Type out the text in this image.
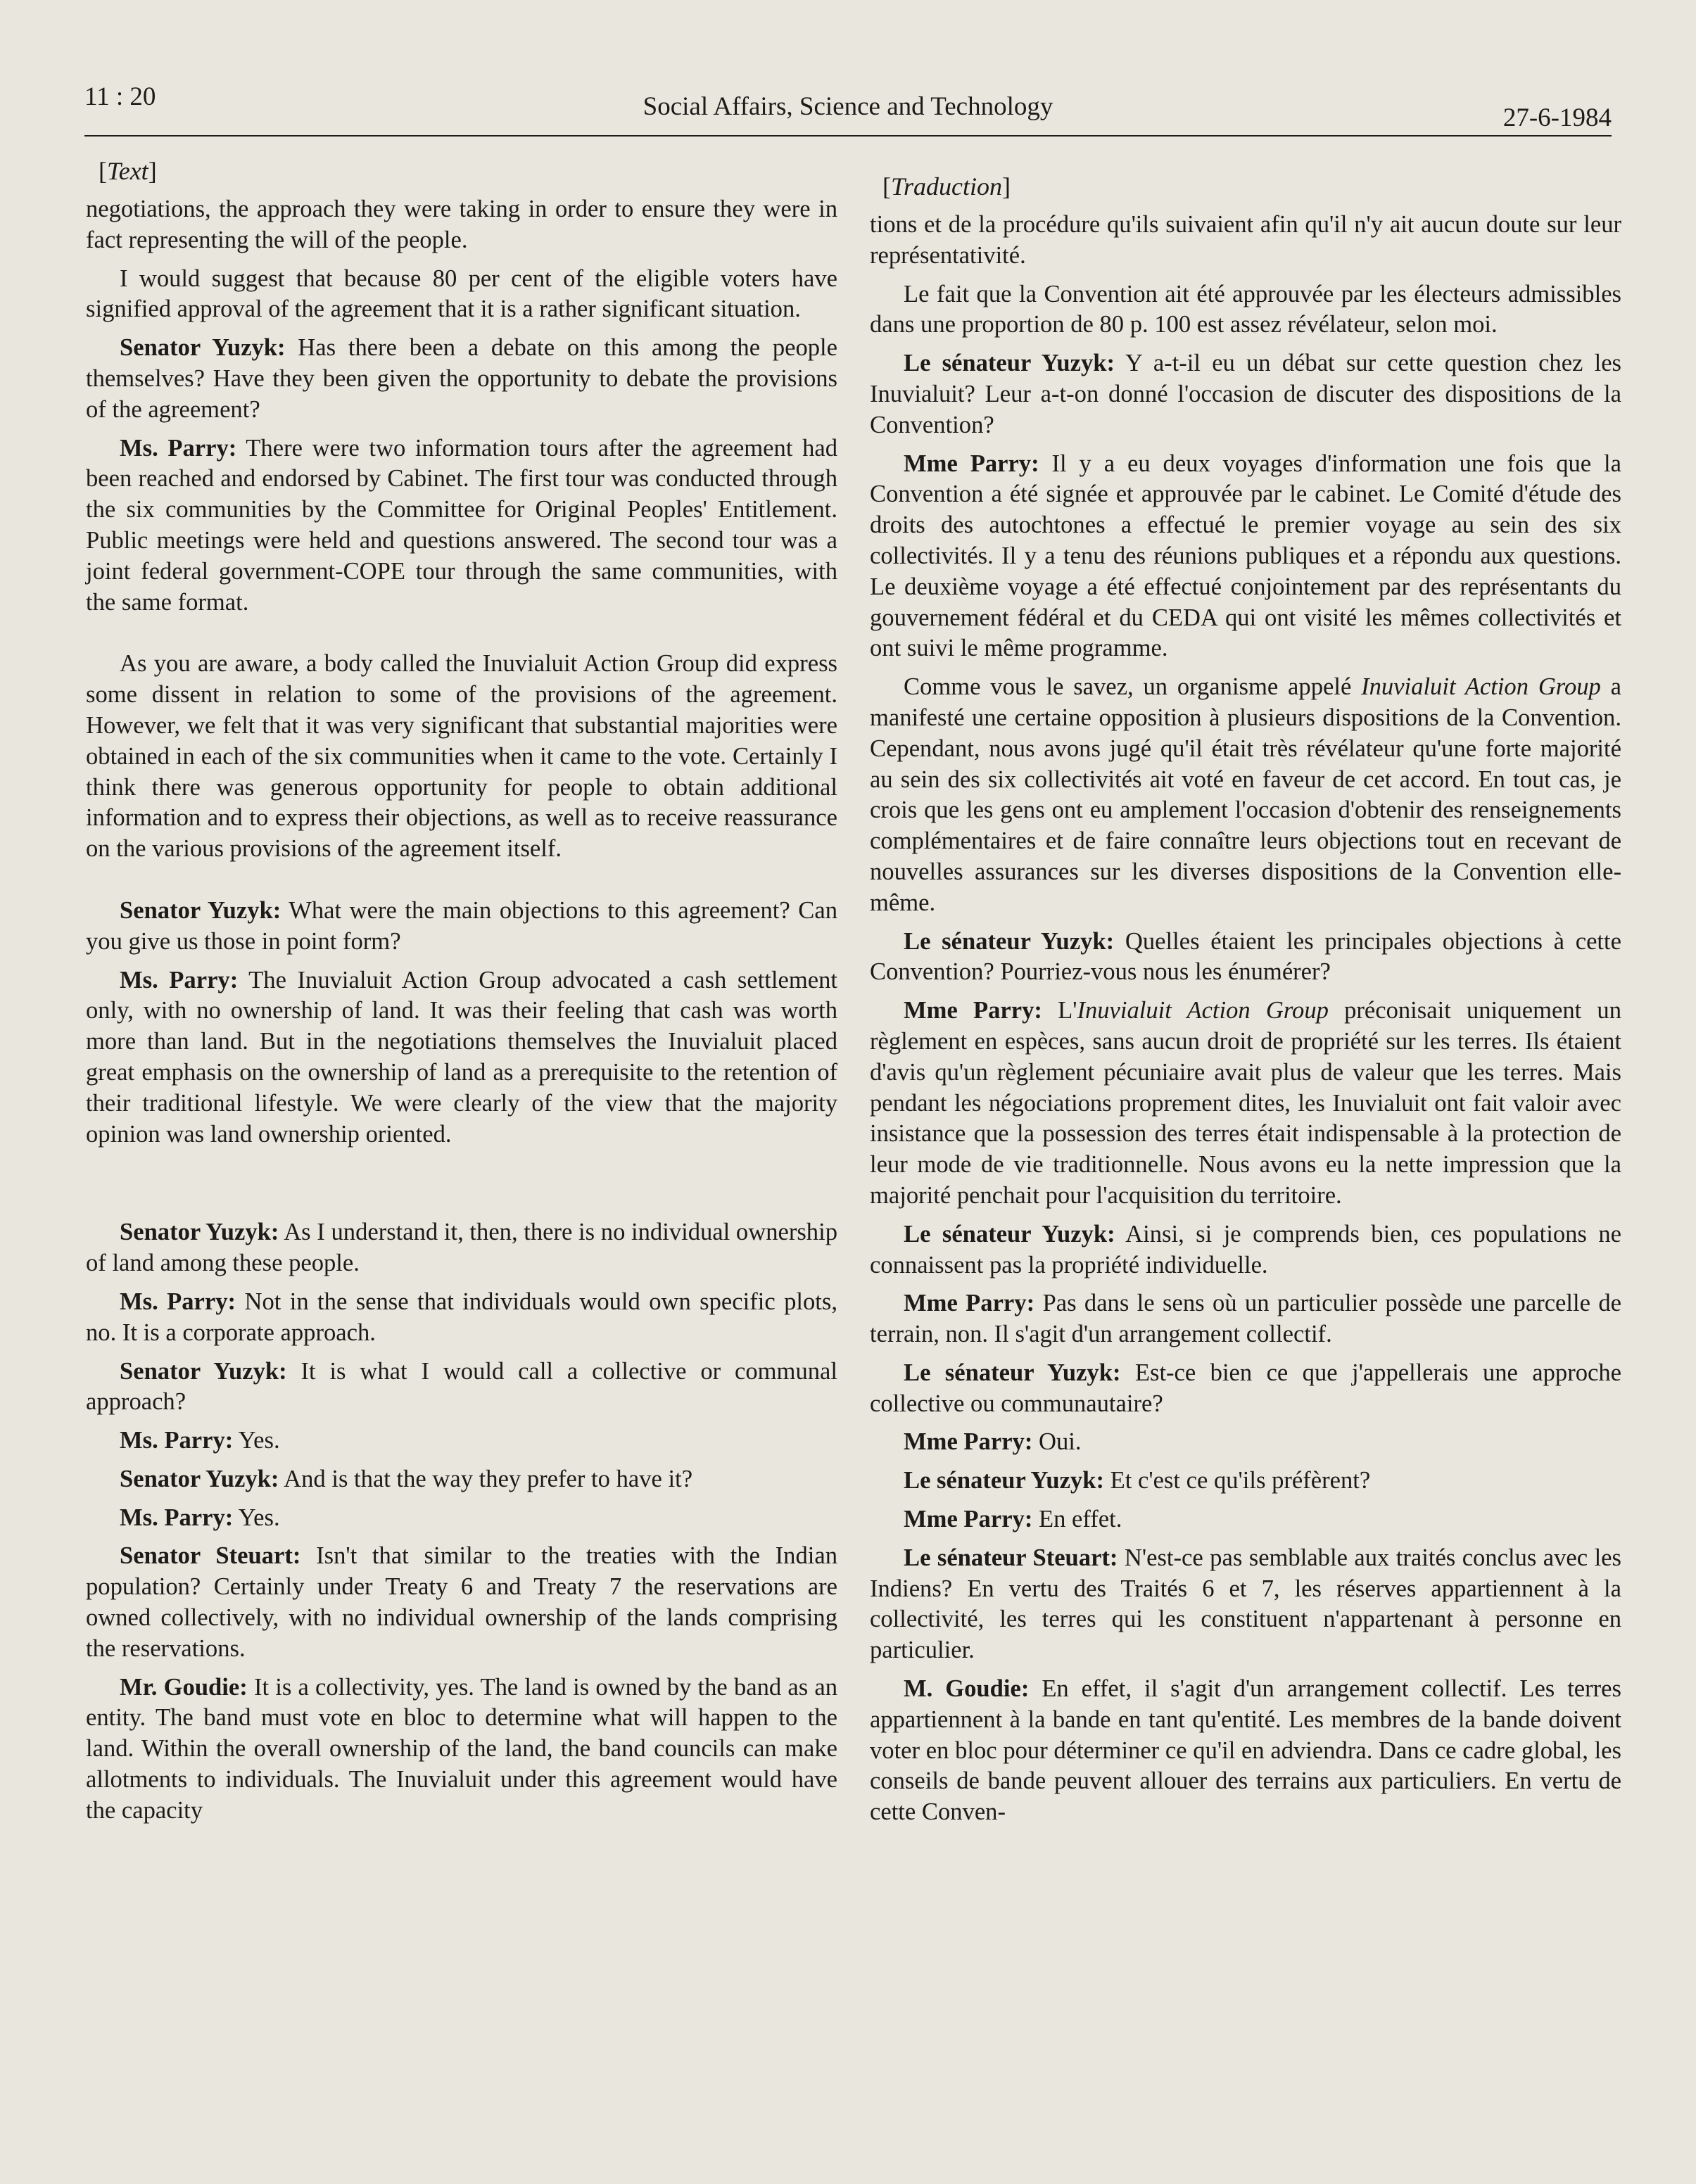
11 : 20	Social Affairs, Science and Technology	27-6-1984
[Text]

negotiations, the approach they were taking in order to ensure they were in fact representing the will of the people.

I would suggest that because 80 per cent of the eligible voters have signified approval of the agreement that it is a rather significant situation.

Senator Yuzyk: Has there been a debate on this among the people themselves? Have they been given the opportunity to debate the provisions of the agreement?

Ms. Parry: There were two information tours after the agreement had been reached and endorsed by Cabinet. The first tour was conducted through the six communities by the Committee for Original Peoples' Entitlement. Public meetings were held and questions answered. The second tour was a joint federal government-COPE tour through the same communities, with the same format.

As you are aware, a body called the Inuvialuit Action Group did express some dissent in relation to some of the provisions of the agreement. However, we felt that it was very significant that substantial majorities were obtained in each of the six communities when it came to the vote. Certainly I think there was generous opportunity for people to obtain additional information and to express their objections, as well as to receive reassurance on the various provisions of the agreement itself.

Senator Yuzyk: What were the main objections to this agreement? Can you give us those in point form?

Ms. Parry: The Inuvialuit Action Group advocated a cash settlement only, with no ownership of land. It was their feeling that cash was worth more than land. But in the negotiations themselves the Inuvialuit placed great emphasis on the ownership of land as a prerequisite to the retention of their traditional lifestyle. We were clearly of the view that the majority opinion was land ownership oriented.

Senator Yuzyk: As I understand it, then, there is no individual ownership of land among these people.

Ms. Parry: Not in the sense that individuals would own specific plots, no. It is a corporate approach.

Senator Yuzyk: It is what I would call a collective or communal approach?

Ms. Parry: Yes.

Senator Yuzyk: And is that the way they prefer to have it?

Ms. Parry: Yes.

Senator Steuart: Isn't that similar to the treaties with the Indian population? Certainly under Treaty 6 and Treaty 7 the reservations are owned collectively, with no individual ownership of the lands comprising the reservations.

Mr. Goudie: It is a collectivity, yes. The land is owned by the band as an entity. The band must vote en bloc to determine what will happen to the land. Within the overall ownership of the land, the band councils can make allotments to individuals. The Inuvialuit under this agreement would have the capacity

[Traduction]

tions et de la procédure qu'ils suivaient afin qu'il n'y ait aucun doute sur leur représentativité.

Le fait que la Convention ait été approuvée par les électeurs admissibles dans une proportion de 80 p. 100 est assez révélateur, selon moi.

Le sénateur Yuzyk: Y a-t-il eu un débat sur cette question chez les Inuvialuit? Leur a-t-on donné l'occasion de discuter des dispositions de la Convention?

Mme Parry: Il y a eu deux voyages d'information une fois que la Convention a été signée et approuvée par le cabinet. Le Comité d'étude des droits des autochtones a effectué le premier voyage au sein des six collectivités. Il y a tenu des réunions publiques et a répondu aux questions. Le deuxième voyage a été effectué conjointement par des représentants du gouvernement fédéral et du CEDA qui ont visité les mêmes collectivités et ont suivi le même programme.

Comme vous le savez, un organisme appelé Inuvialuit Action Group a manifesté une certaine opposition à plusieurs dispositions de la Convention. Cependant, nous avons jugé qu'il était très révélateur qu'une forte majorité au sein des six collectivités ait voté en faveur de cet accord. En tout cas, je crois que les gens ont eu amplement l'occasion d'obtenir des renseignements complémentaires et de faire connaître leurs objections tout en recevant de nouvelles assurances sur les diverses dispositions de la Convention elle-même.

Le sénateur Yuzyk: Quelles étaient les principales objections à cette Convention? Pourriez-vous nous les énumérer?

Mme Parry: L'Inuvialuit Action Group préconisait uniquement un règlement en espèces, sans aucun droit de propriété sur les terres. Ils étaient d'avis qu'un règlement pécuniaire avait plus de valeur que les terres. Mais pendant les négociations proprement dites, les Inuvialuit ont fait valoir avec insistance que la possession des terres était indispensable à la protection de leur mode de vie traditionnelle. Nous avons eu la nette impression que la majorité penchait pour l'acquisition du territoire.

Le sénateur Yuzyk: Ainsi, si je comprends bien, ces populations ne connaissent pas la propriété individuelle.

Mme Parry: Pas dans le sens où un particulier possède une parcelle de terrain, non. Il s'agit d'un arrangement collectif.

Le sénateur Yuzyk: Est-ce bien ce que j'appellerais une approche collective ou communautaire?

Mme Parry: Oui.

Le sénateur Yuzyk: Et c'est ce qu'ils préfèrent?

Mme Parry: En effet.

Le sénateur Steuart: N'est-ce pas semblable aux traités conclus avec les Indiens? En vertu des Traités 6 et 7, les réserves appartiennent à la collectivité, les terres qui les constituent n'appartenant à personne en particulier.

M. Goudie: En effet, il s'agit d'un arrangement collectif. Les terres appartiennent à la bande en tant qu'entité. Les membres de la bande doivent voter en bloc pour déterminer ce qu'il en adviendra. Dans ce cadre global, les conseils de bande peuvent allouer des terrains aux particuliers. En vertu de cette Conven-
